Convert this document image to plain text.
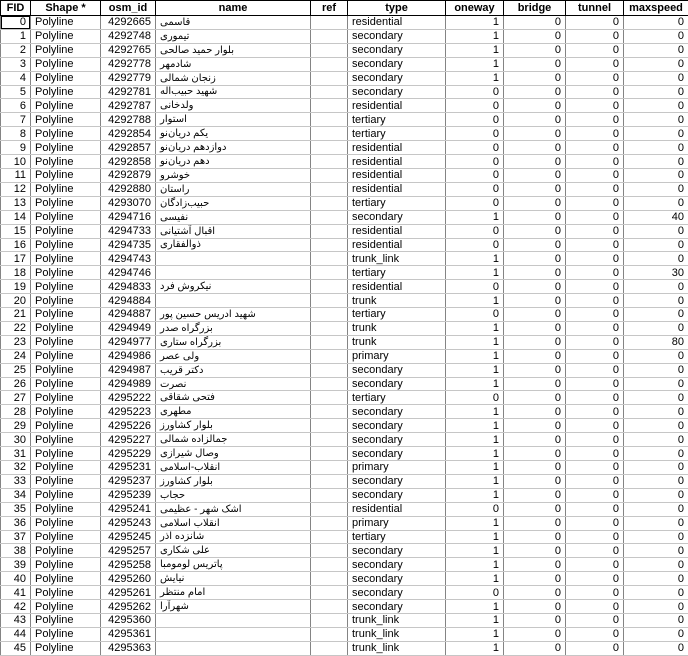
FID	Shape *	osm_id	name	ref	type	oneway	bridge	tunnel	maxspeed
0	Polyline	4292665	قاسمی		residential	1	0	0	0
1	Polyline	4292748	تیموری		secondary	1	0	0	0
2	Polyline	4292765	بلوار حمید صالحی		secondary	1	0	0	0
3	Polyline	4292778	شادمهر		secondary	1	0	0	0
4	Polyline	4292779	زنجان شمالی		secondary	1	0	0	0
5	Polyline	4292781	شهید حبیب‌اله		secondary	0	0	0	0
6	Polyline	4292787	ولدخانی		residential	0	0	0	0
7	Polyline	4292788	استوار		tertiary	0	0	0	0
8	Polyline	4292854	یکم دریان‌نو		tertiary	0	0	0	0
9	Polyline	4292857	دوازدهم دریان‌نو		residential	0	0	0	0
10	Polyline	4292858	دهم دریان‌نو		residential	0	0	0	0
11	Polyline	4292879	خوشرو		residential	0	0	0	0
12	Polyline	4292880	راستان		residential	0	0	0	0
13	Polyline	4293070	حبیب‌زادگان		tertiary	0	0	0	0
14	Polyline	4294716	نفیسی		secondary	1	0	0	40
15	Polyline	4294733	اقبال آشتیانی		residential	0	0	0	0
16	Polyline	4294735	ذوالفقاری		residential	0	0	0	0
17	Polyline	4294743			trunk_link	1	0	0	0
18	Polyline	4294746			tertiary	1	0	0	30
19	Polyline	4294833	نیکروش فرد		residential	0	0	0	0
20	Polyline	4294884			trunk	1	0	0	0
21	Polyline	4294887	شهید ادریس حسین پور		tertiary	0	0	0	0
22	Polyline	4294949	بزرگراه صدر		trunk	1	0	0	0
23	Polyline	4294977	بزرگراه ستاری		trunk	1	0	0	80
24	Polyline	4294986	ولی عصر		primary	1	0	0	0
25	Polyline	4294987	دکتر قریب		secondary	1	0	0	0
26	Polyline	4294989	نصرت		secondary	1	0	0	0
27	Polyline	4295222	فتحی شقاقی		tertiary	0	0	0	0
28	Polyline	4295223	مطهری		secondary	1	0	0	0
29	Polyline	4295226	بلوار کشاورز		secondary	1	0	0	0
30	Polyline	4295227	جمالزاده شمالی		secondary	1	0	0	0
31	Polyline	4295229	وصال شیرازی		secondary	1	0	0	0
32	Polyline	4295231	انقلاب-اسلامی		primary	1	0	0	0
33	Polyline	4295237	بلوار کشاورز		secondary	1	0	0	0
34	Polyline	4295239	حجاب		secondary	1	0	0	0
35	Polyline	4295241	اشک شهر - عظیمی		residential	0	0	0	0
36	Polyline	4295243	انقلاب اسلامی		primary	1	0	0	0
37	Polyline	4295245	شانزده آذر		tertiary	1	0	0	0
38	Polyline	4295257	علی شکاری		secondary	1	0	0	0
39	Polyline	4295258	پاتریس لومومبا		secondary	1	0	0	0
40	Polyline	4295260	نیایش		secondary	1	0	0	0
41	Polyline	4295261	امام منتظر		secondary	0	0	0	0
42	Polyline	4295262	شهرآرا		secondary	1	0	0	0
43	Polyline	4295360			trunk_link	1	0	0	0
44	Polyline	4295361			trunk_link	1	0	0	0
45	Polyline	4295363			trunk_link	1	0	0	0
